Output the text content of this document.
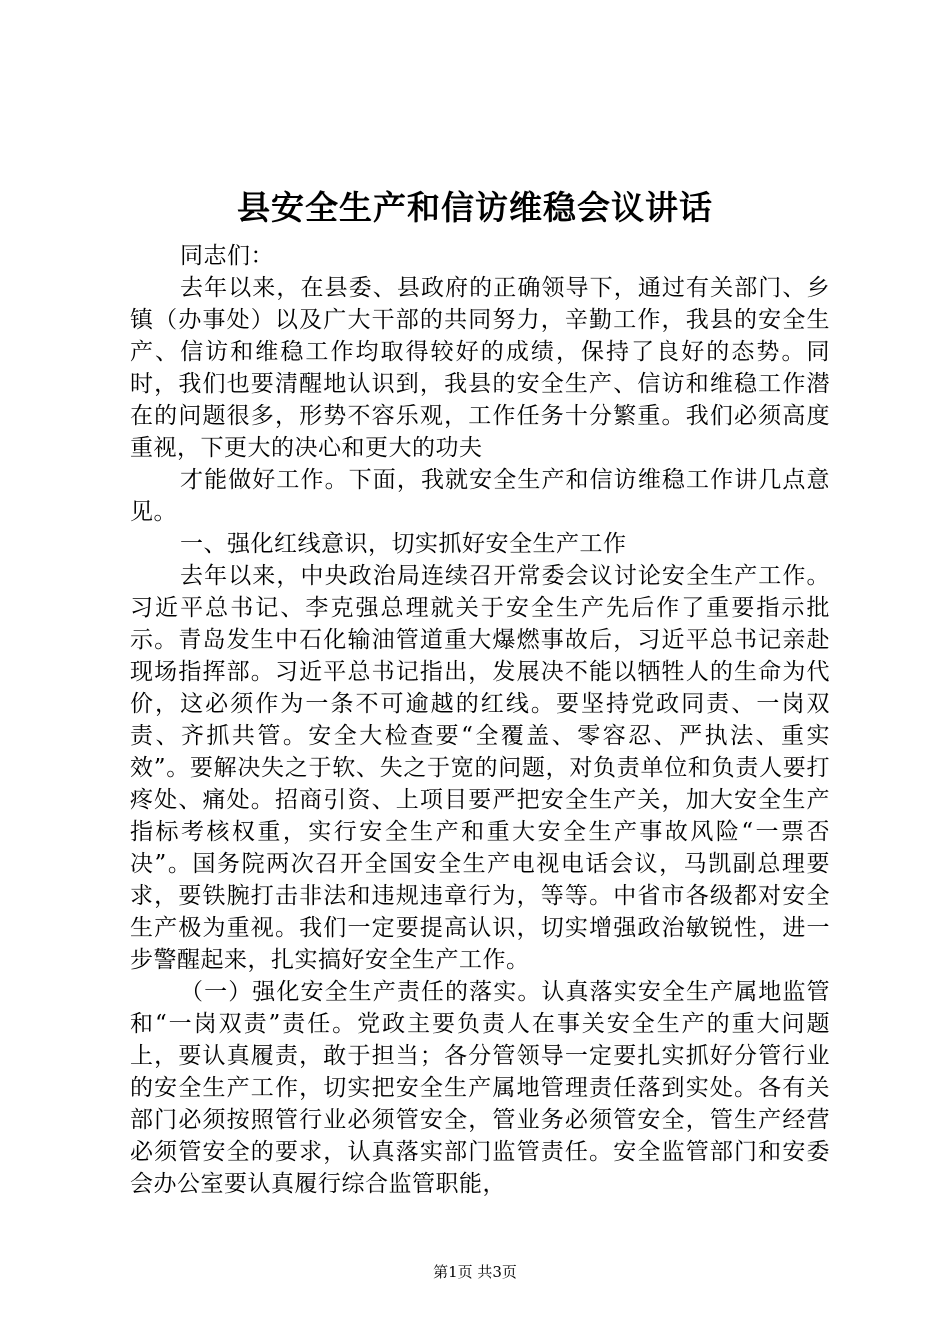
县安全生产和信访维稳会议讲话

同志们：

去年以来，在县委、县政府的正确领导下，通过有关部门、乡镇（办事处）以及广大干部的共同努力，辛勤工作，我县的安全生产、信访和维稳工作均取得较好的成绩，保持了良好的态势。同时，我们也要清醒地认识到，我县的安全生产、信访和维稳工作潜在的问题很多，形势不容乐观，工作任务十分繁重。我们必须高度重视，下更大的决心和更大的功夫

才能做好工作。下面，我就安全生产和信访维稳工作讲几点意见。

一、强化红线意识，切实抓好安全生产工作

去年以来，中央政治局连续召开常委会议讨论安全生产工作。习近平总书记、李克强总理就关于安全生产先后作了重要指示批示。青岛发生中石化输油管道重大爆燃事故后，习近平总书记亲赴现场指挥部。习近平总书记指出，发展决不能以牺牲人的生命为代价，这必须作为一条不可逾越的红线。要坚持党政同责、一岗双责、齐抓共管。安全大检查要“全覆盖、零容忍、严执法、重实效”。要解决失之于软、失之于宽的问题，对负责单位和负责人要打疼处、痛处。招商引资、上项目要严把安全生产关，加大安全生产指标考核权重，实行安全生产和重大安全生产事故风险“一票否决”。国务院两次召开全国安全生产电视电话会议，马凯副总理要求，要铁腕打击非法和违规违章行为，等等。中省市各级都对安全生产极为重视。我们一定要提高认识，切实增强政治敏锐性，进一步警醒起来，扎实搞好安全生产工作。

（一）强化安全生产责任的落实。认真落实安全生产属地监管和“一岗双责”责任。党政主要负责人在事关安全生产的重大问题上，要认真履责，敢于担当；各分管领导一定要扎实抓好分管行业的安全生产工作，切实把安全生产属地管理责任落到实处。各有关部门必须按照管行业必须管安全，管业务必须管安全，管生产经营必须管安全的要求，认真落实部门监管责任。安全监管部门和安委会办公室要认真履行综合监管职能，

第1页 共3页
